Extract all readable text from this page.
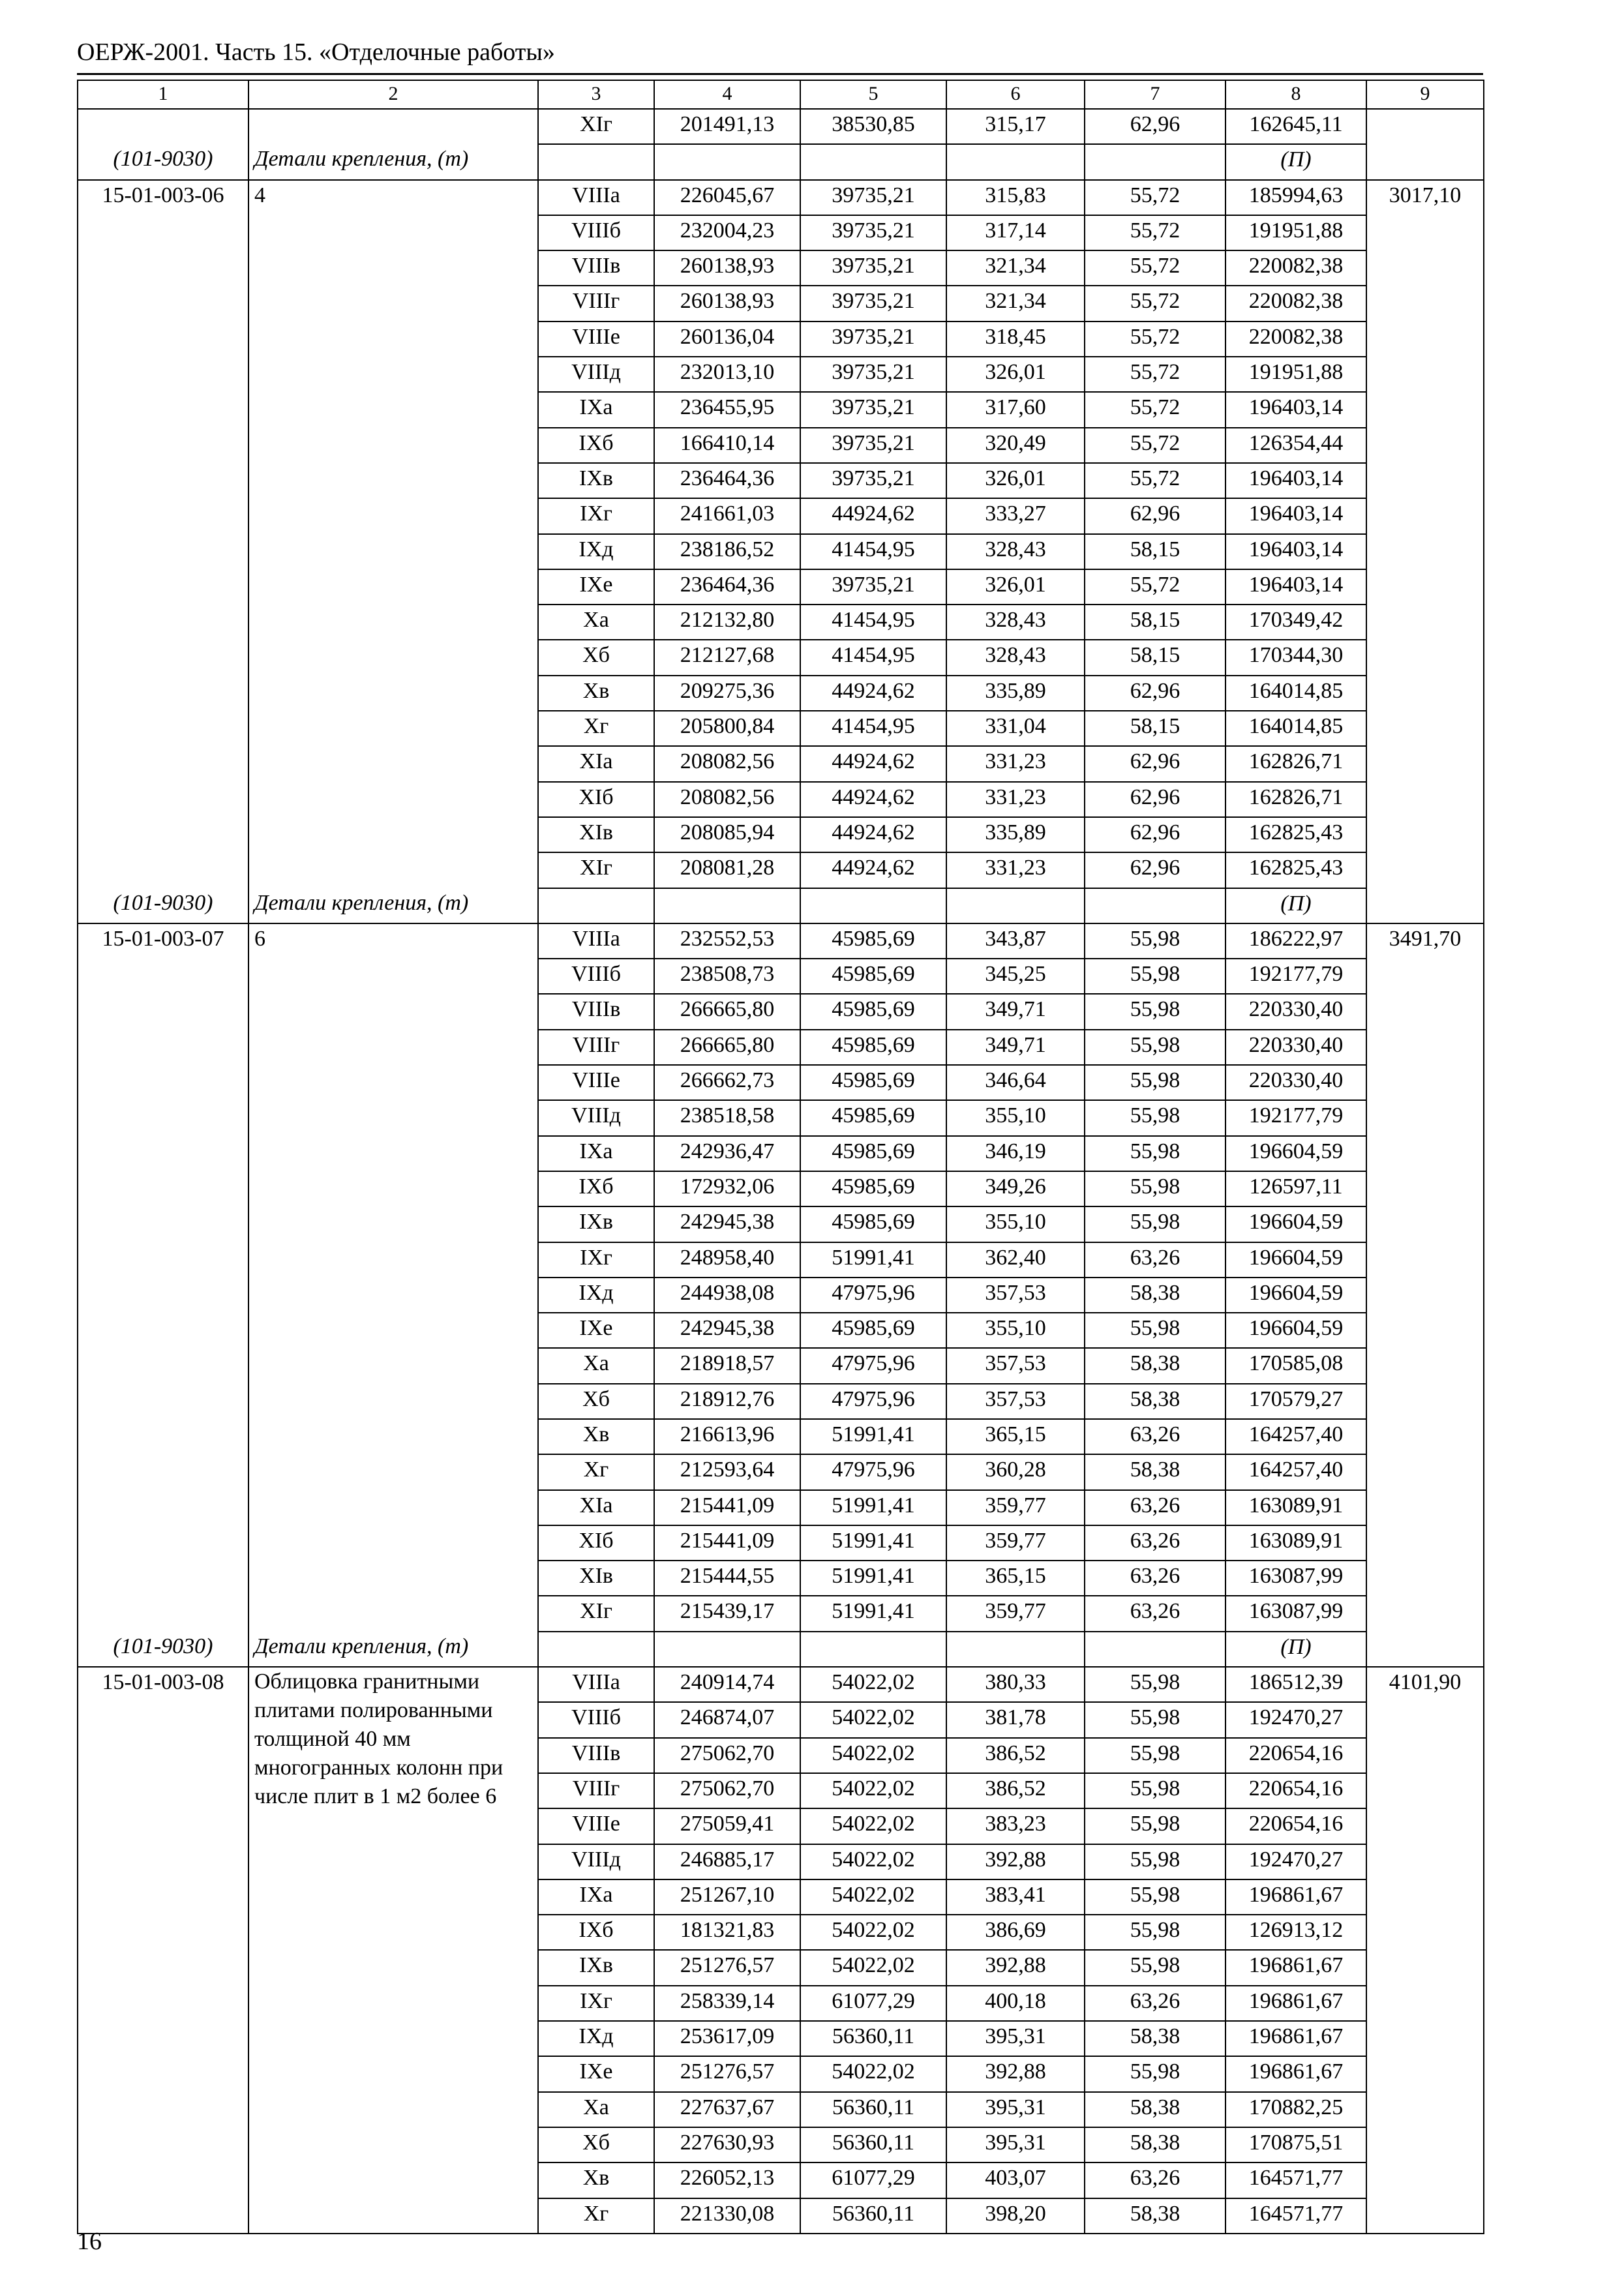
ОЕРЖ-2001. Часть 15. «Отделочные работы»
1	2	3	4	5	6	7	8	9
		XIг	201491,13	38530,85	315,17	62,96	162645,11	
(101-9030)	Детали крепления, (т)						(П)	
15-01-003-06	4	VIIIа	226045,67	39735,21	315,83	55,72	185994,63	3017,10
		VIIIб	232004,23	39735,21	317,14	55,72	191951,88	
		VIIIв	260138,93	39735,21	321,34	55,72	220082,38	
		VIIIг	260138,93	39735,21	321,34	55,72	220082,38	
		VIIIе	260136,04	39735,21	318,45	55,72	220082,38	
		VIIIд	232013,10	39735,21	326,01	55,72	191951,88	
		IXа	236455,95	39735,21	317,60	55,72	196403,14	
		IXб	166410,14	39735,21	320,49	55,72	126354,44	
		IXв	236464,36	39735,21	326,01	55,72	196403,14	
		IXг	241661,03	44924,62	333,27	62,96	196403,14	
		IXд	238186,52	41454,95	328,43	58,15	196403,14	
		IXе	236464,36	39735,21	326,01	55,72	196403,14	
		Xа	212132,80	41454,95	328,43	58,15	170349,42	
		Xб	212127,68	41454,95	328,43	58,15	170344,30	
		Xв	209275,36	44924,62	335,89	62,96	164014,85	
		Xг	205800,84	41454,95	331,04	58,15	164014,85	
		XIа	208082,56	44924,62	331,23	62,96	162826,71	
		XIб	208082,56	44924,62	331,23	62,96	162826,71	
		XIв	208085,94	44924,62	335,89	62,96	162825,43	
		XIг	208081,28	44924,62	331,23	62,96	162825,43	
(101-9030)	Детали крепления, (т)						(П)	
15-01-003-07	6	VIIIа	232552,53	45985,69	343,87	55,98	186222,97	3491,70
		VIIIб	238508,73	45985,69	345,25	55,98	192177,79	
		VIIIв	266665,80	45985,69	349,71	55,98	220330,40	
		VIIIг	266665,80	45985,69	349,71	55,98	220330,40	
		VIIIе	266662,73	45985,69	346,64	55,98	220330,40	
		VIIIд	238518,58	45985,69	355,10	55,98	192177,79	
		IXа	242936,47	45985,69	346,19	55,98	196604,59	
		IXб	172932,06	45985,69	349,26	55,98	126597,11	
		IXв	242945,38	45985,69	355,10	55,98	196604,59	
		IXг	248958,40	51991,41	362,40	63,26	196604,59	
		IXд	244938,08	47975,96	357,53	58,38	196604,59	
		IXе	242945,38	45985,69	355,10	55,98	196604,59	
		Xа	218918,57	47975,96	357,53	58,38	170585,08	
		Xб	218912,76	47975,96	357,53	58,38	170579,27	
		Xв	216613,96	51991,41	365,15	63,26	164257,40	
		Xг	212593,64	47975,96	360,28	58,38	164257,40	
		XIа	215441,09	51991,41	359,77	63,26	163089,91	
		XIб	215441,09	51991,41	359,77	63,26	163089,91	
		XIв	215444,55	51991,41	365,15	63,26	163087,99	
		XIг	215439,17	51991,41	359,77	63,26	163087,99	
(101-9030)	Детали крепления, (т)						(П)	
15-01-003-08	Облицовка гранитными плитами полированными толщиной 40 мм многогранных колонн при числе плит в 1 м2 более 6	VIIIа	240914,74	54022,02	380,33	55,98	186512,39	4101,90
		VIIIб	246874,07	54022,02	381,78	55,98	192470,27	
		VIIIв	275062,70	54022,02	386,52	55,98	220654,16	
		VIIIг	275062,70	54022,02	386,52	55,98	220654,16	
		VIIIе	275059,41	54022,02	383,23	55,98	220654,16	
		VIIIд	246885,17	54022,02	392,88	55,98	192470,27	
		IXа	251267,10	54022,02	383,41	55,98	196861,67	
		IXб	181321,83	54022,02	386,69	55,98	126913,12	
		IXв	251276,57	54022,02	392,88	55,98	196861,67	
		IXг	258339,14	61077,29	400,18	63,26	196861,67	
		IXд	253617,09	56360,11	395,31	58,38	196861,67	
		IXе	251276,57	54022,02	392,88	55,98	196861,67	
		Xа	227637,67	56360,11	395,31	58,38	170882,25	
		Xб	227630,93	56360,11	395,31	58,38	170875,51	
		Xв	226052,13	61077,29	403,07	63,26	164571,77	
		Xг	221330,08	56360,11	398,20	58,38	164571,77	
16
